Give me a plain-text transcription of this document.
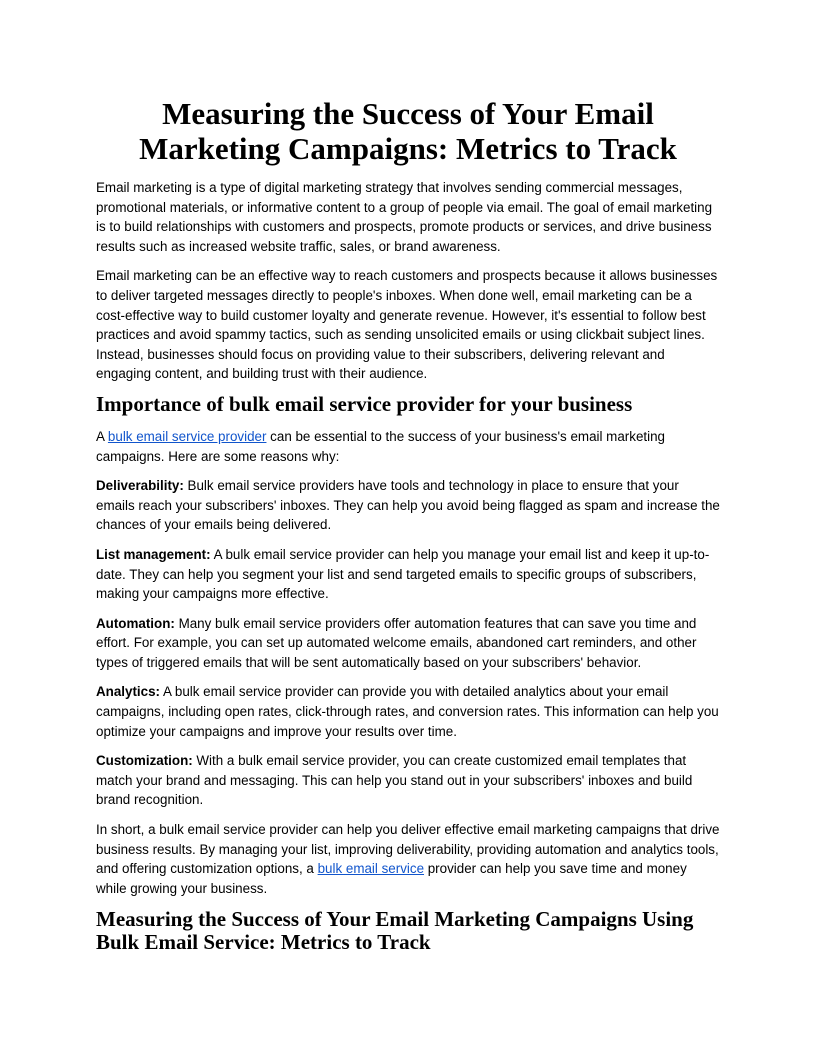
Measuring the Success of Your Email Marketing Campaigns: Metrics to Track

Email marketing is a type of digital marketing strategy that involves sending commercial messages, promotional materials, or informative content to a group of people via email. The goal of email marketing is to build relationships with customers and prospects, promote products or services, and drive business results such as increased website traffic, sales, or brand awareness.

Email marketing can be an effective way to reach customers and prospects because it allows businesses to deliver targeted messages directly to people's inboxes. When done well, email marketing can be a cost-effective way to build customer loyalty and generate revenue. However, it's essential to follow best practices and avoid spammy tactics, such as sending unsolicited emails or using clickbait subject lines. Instead, businesses should focus on providing value to their subscribers, delivering relevant and engaging content, and building trust with their audience.

Importance of bulk email service provider for your business

A bulk email service provider can be essential to the success of your business's email marketing campaigns. Here are some reasons why:

Deliverability: Bulk email service providers have tools and technology in place to ensure that your emails reach your subscribers' inboxes. They can help you avoid being flagged as spam and increase the chances of your emails being delivered.

List management: A bulk email service provider can help you manage your email list and keep it up-to-date. They can help you segment your list and send targeted emails to specific groups of subscribers, making your campaigns more effective.

Automation: Many bulk email service providers offer automation features that can save you time and effort. For example, you can set up automated welcome emails, abandoned cart reminders, and other types of triggered emails that will be sent automatically based on your subscribers' behavior.

Analytics: A bulk email service provider can provide you with detailed analytics about your email campaigns, including open rates, click-through rates, and conversion rates. This information can help you optimize your campaigns and improve your results over time.

Customization: With a bulk email service provider, you can create customized email templates that match your brand and messaging. This can help you stand out in your subscribers' inboxes and build brand recognition.

In short, a bulk email service provider can help you deliver effective email marketing campaigns that drive business results. By managing your list, improving deliverability, providing automation and analytics tools, and offering customization options, a bulk email service provider can help you save time and money while growing your business.

Measuring the Success of Your Email Marketing Campaigns Using Bulk Email Service: Metrics to Track
